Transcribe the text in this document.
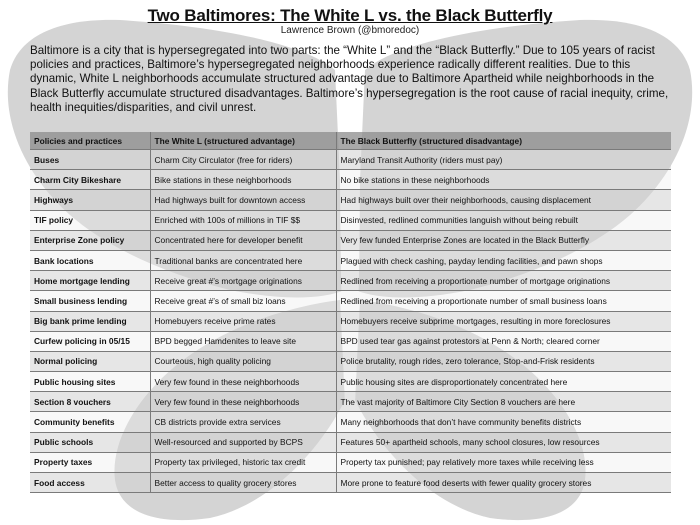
Two Baltimores: The White L vs. the Black Butterfly
Lawrence Brown (@bmoredoc)
Baltimore is a city that is hypersegregated into two parts: the “White L” and the “Black Butterfly.” Due to 105 years of racist policies and practices, Baltimore’s hypersegregated neighborhoods experience radically different realities. Due to this dynamic, White L neighborhoods accumulate structured advantage due to Baltimore Apartheid while neighborhoods in the Black Butterfly accumulate structured disadvantages. Baltimore’s hypersegregation is the root cause of racial inequity, crime, health inequities/disparities, and civil unrest.
Policies and practices	The White L (structured advantage)	The Black Butterfly (structured disadvantage)
Buses	Charm City Circulator (free for riders)	Maryland Transit Authority (riders must pay)
Charm City Bikeshare	Bike stations in these neighborhoods	No bike stations in these neighborhoods
Highways	Had highways built for downtown access	Had highways built over their neighborhoods, causing displacement
TIF policy	Enriched with 100s of millions in TIF $$	Disinvested, redlined communities languish without being rebuilt
Enterprise Zone policy	Concentrated here for developer benefit	Very few funded Enterprise Zones are located in the Black Butterfly
Bank locations	Traditional banks are concentrated here	Plagued with check cashing, payday lending facilities, and pawn shops
Home mortgage lending	Receive great #’s mortgage originations	Redlined from receiving a proportionate number of mortgage originations
Small business lending	Receive great #’s of small biz loans	Redlined from receiving a proportionate number of small business loans
Big bank prime lending	Homebuyers receive prime rates	Homebuyers receive subprime mortgages, resulting in more foreclosures
Curfew policing in 05/15	BPD begged Hamdenites to leave site	BPD used tear gas against protestors at Penn & North; cleared corner
Normal policing	Courteous, high quality policing	Police brutality, rough rides, zero tolerance, Stop-and-Frisk residents
Public housing sites	Very few found in these neighborhoods	Public housing sites are disproportionately concentrated here
Section 8 vouchers	Very few found in these neighborhoods	The vast majority of Baltimore City Section 8 vouchers are here
Community benefits	CB districts provide extra services	Many neighborhoods that don’t have community benefits districts
Public schools	Well-resourced and supported by BCPS	Features 50+ apartheid schools, many school closures, low resources
Property taxes	Property tax privileged, historic tax credit	Property tax punished; pay relatively more taxes while receiving less
Food access	Better access to quality grocery stores	More prone to feature food deserts with fewer quality grocery stores
